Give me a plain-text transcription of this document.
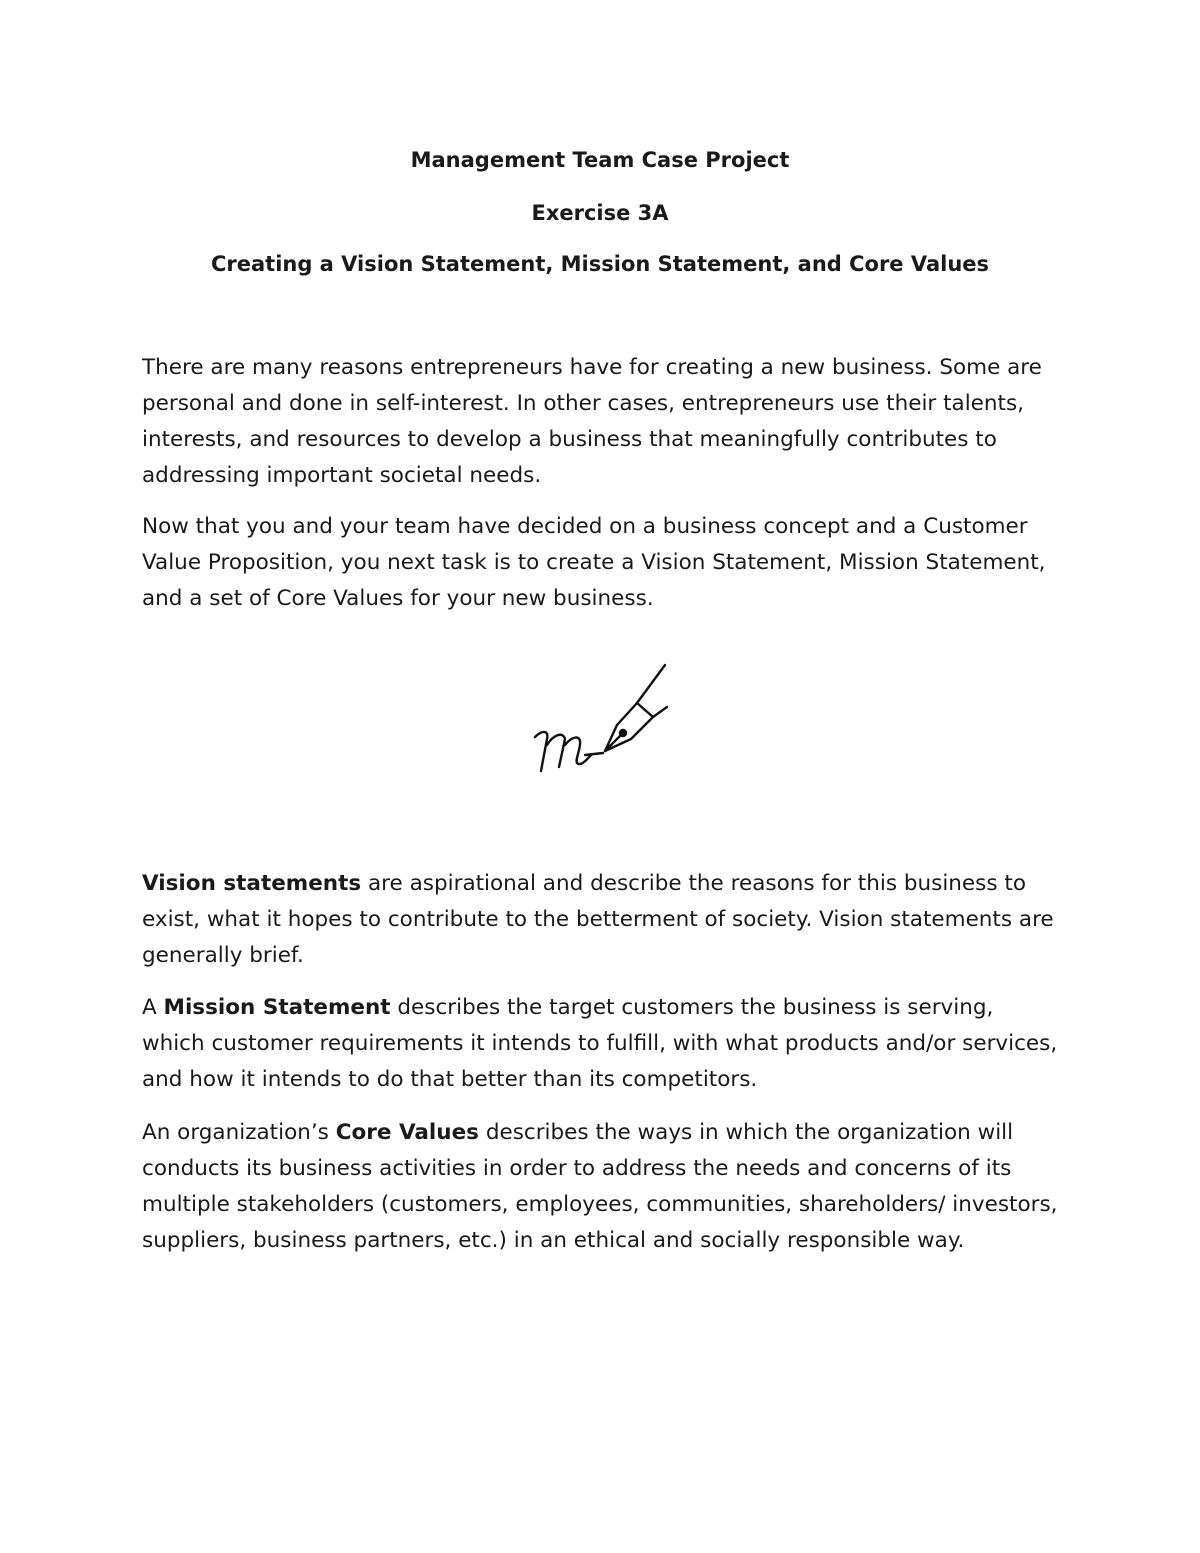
Management Team Case Project

Exercise 3A

Creating a Vision Statement, Mission Statement, and Core Values

There are many reasons entrepreneurs have for creating a new business. Some are personal and done in self-interest. In other cases, entrepreneurs use their talents, interests, and resources to develop a business that meaningfully contributes to addressing important societal needs.

Now that you and your team have decided on a business concept and a Customer Value Proposition, you next task is to create a Vision Statement, Mission Statement, and a set of Core Values for your new business.

Vision statements are aspirational and describe the reasons for this business to exist, what it hopes to contribute to the betterment of society. Vision statements are generally brief.

A Mission Statement describes the target customers the business is serving, which customer requirements it intends to fulfill, with what products and/or services, and how it intends to do that better than its competitors.

An organization’s Core Values describes the ways in which the organization will conducts its business activities in order to address the needs and concerns of its multiple stakeholders (customers, employees, communities, shareholders/ investors, suppliers, business partners, etc.) in an ethical and socially responsible way.
